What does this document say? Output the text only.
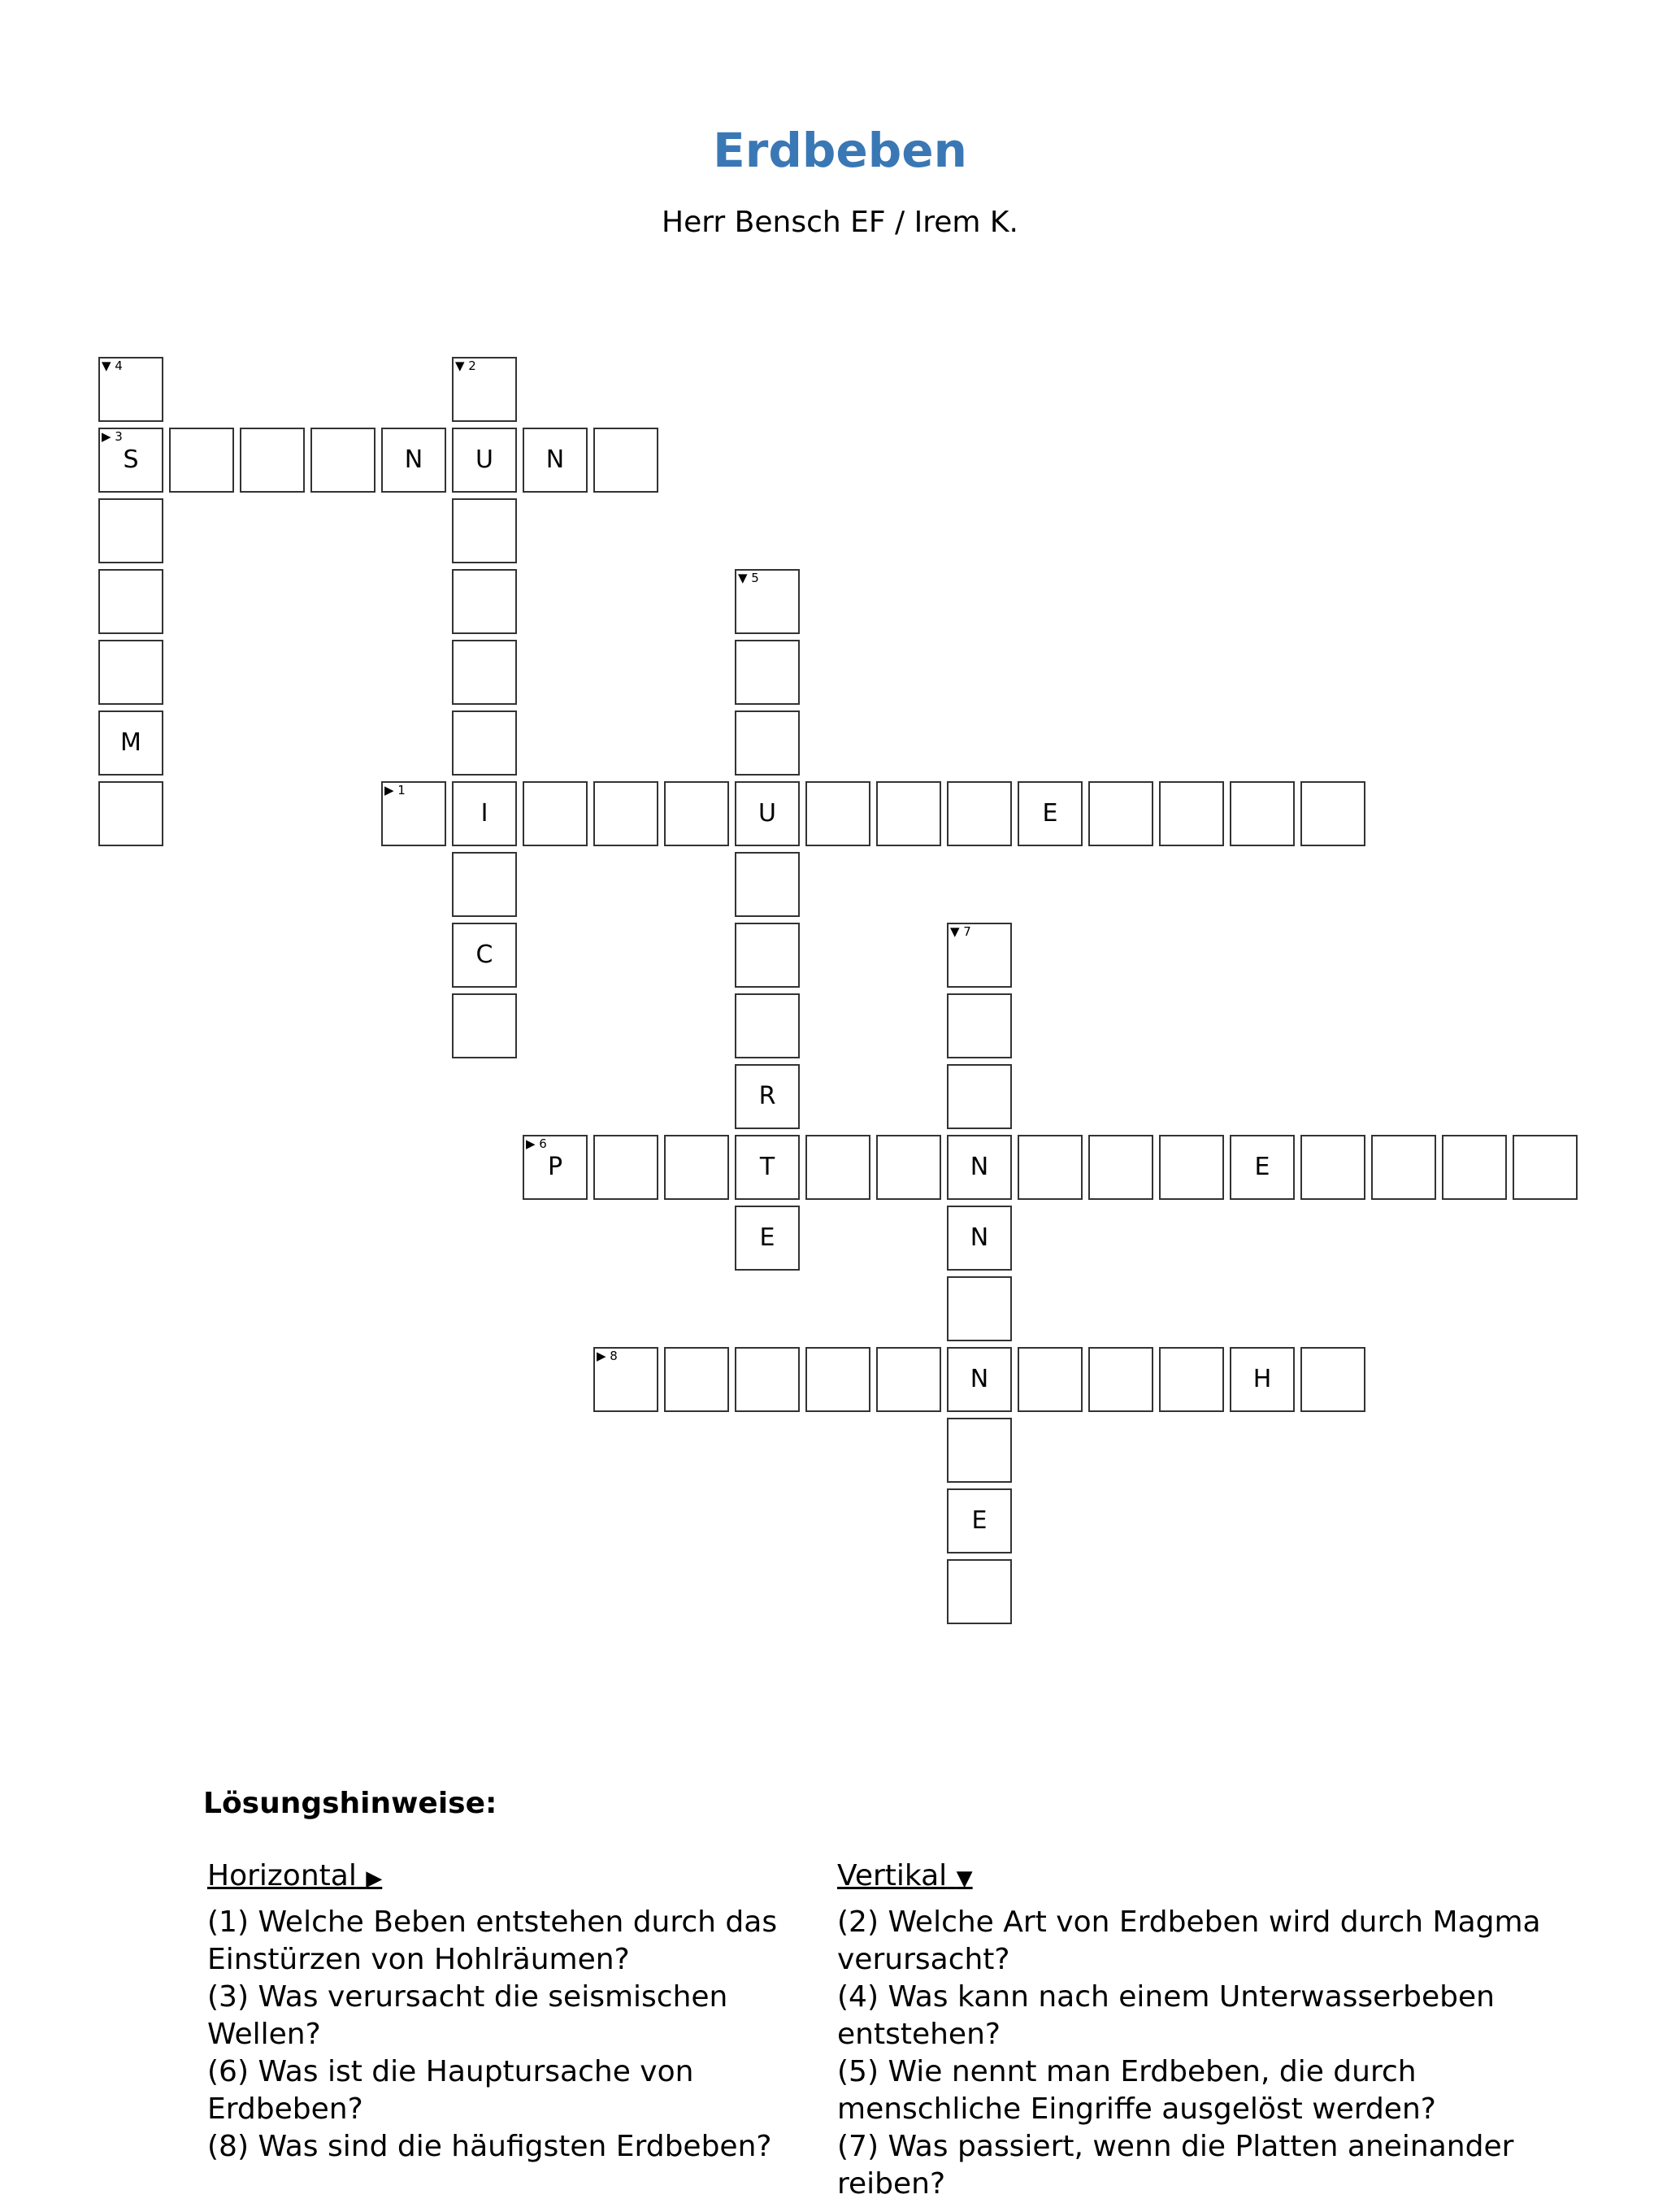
Erdbeben
Herr Bensch EF / Irem K.
▶ 1
I	U	E
▼ 2
U
C
▶ 3
S	N	N
▼ 4
M
▼ 5
R
T
E
▶ 6
P	N	E
▼ 7
N
N
E
▶ 8
H
Lösungshinweise:
Horizontal ▶
(1) Welche Beben entstehen durch das Einstürzen von Hohlräumen?
(3) Was verursacht die seismischen Wellen?
(6) Was ist die Hauptursache von Erdbeben?
(8) Was sind die häufigsten Erdbeben?
Vertikal ▼
(2) Welche Art von Erdbeben wird durch Magma verursacht?
(4) Was kann nach einem Unterwasserbeben entstehen?
(5) Wie nennt man Erdbeben, die durch menschliche Eingriffe ausgelöst werden?
(7) Was passiert, wenn die Platten aneinander reiben?
